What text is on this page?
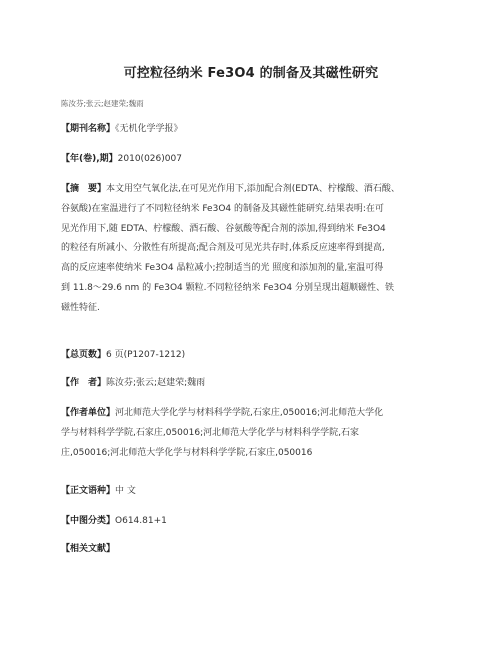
可控粒径纳米 Fe3O4 的制备及其磁性研究
陈汝芬;张云;赵建荣;魏雨
【期刊名称】《无机化学学报》
【年(卷),期】2010(026)007
【摘　要】本文用空气氧化法,在可见光作用下,添加配合剂(EDTA、柠檬酸、酒石酸、
谷氨酸)在室温进行了不同粒径纳米 Fe3O4 的制备及其磁性能研究.结果表明:在可
见光作用下,随 EDTA、柠檬酸、酒石酸、谷氨酸等配合剂的添加,得到纳米 Fe3O4
的粒径有所减小、分散性有所提高;配合剂及可见光共存时,体系反应速率得到提高,
高的反应速率使纳米 Fe3O4 晶粒减小;控制适当的光 照度和添加剂的量,室温可得
到 11.8～29.6 nm 的 Fe3O4 颗粒.不同粒径纳米 Fe3O4 分别呈现出超顺磁性、铁
磁性特征.
【总页数】6 页(P1207-1212)
【作　者】陈汝芬;张云;赵建荣;魏雨
【作者单位】河北师范大学化学与材料科学学院,石家庄,050016;河北师范大学化
学与材料科学学院,石家庄,050016;河北师范大学化学与材料科学学院,石家
庄,050016;河北师范大学化学与材料科学学院,石家庄,050016
【正文语种】中 文
【中图分类】O614.81+1
【相关文献】
